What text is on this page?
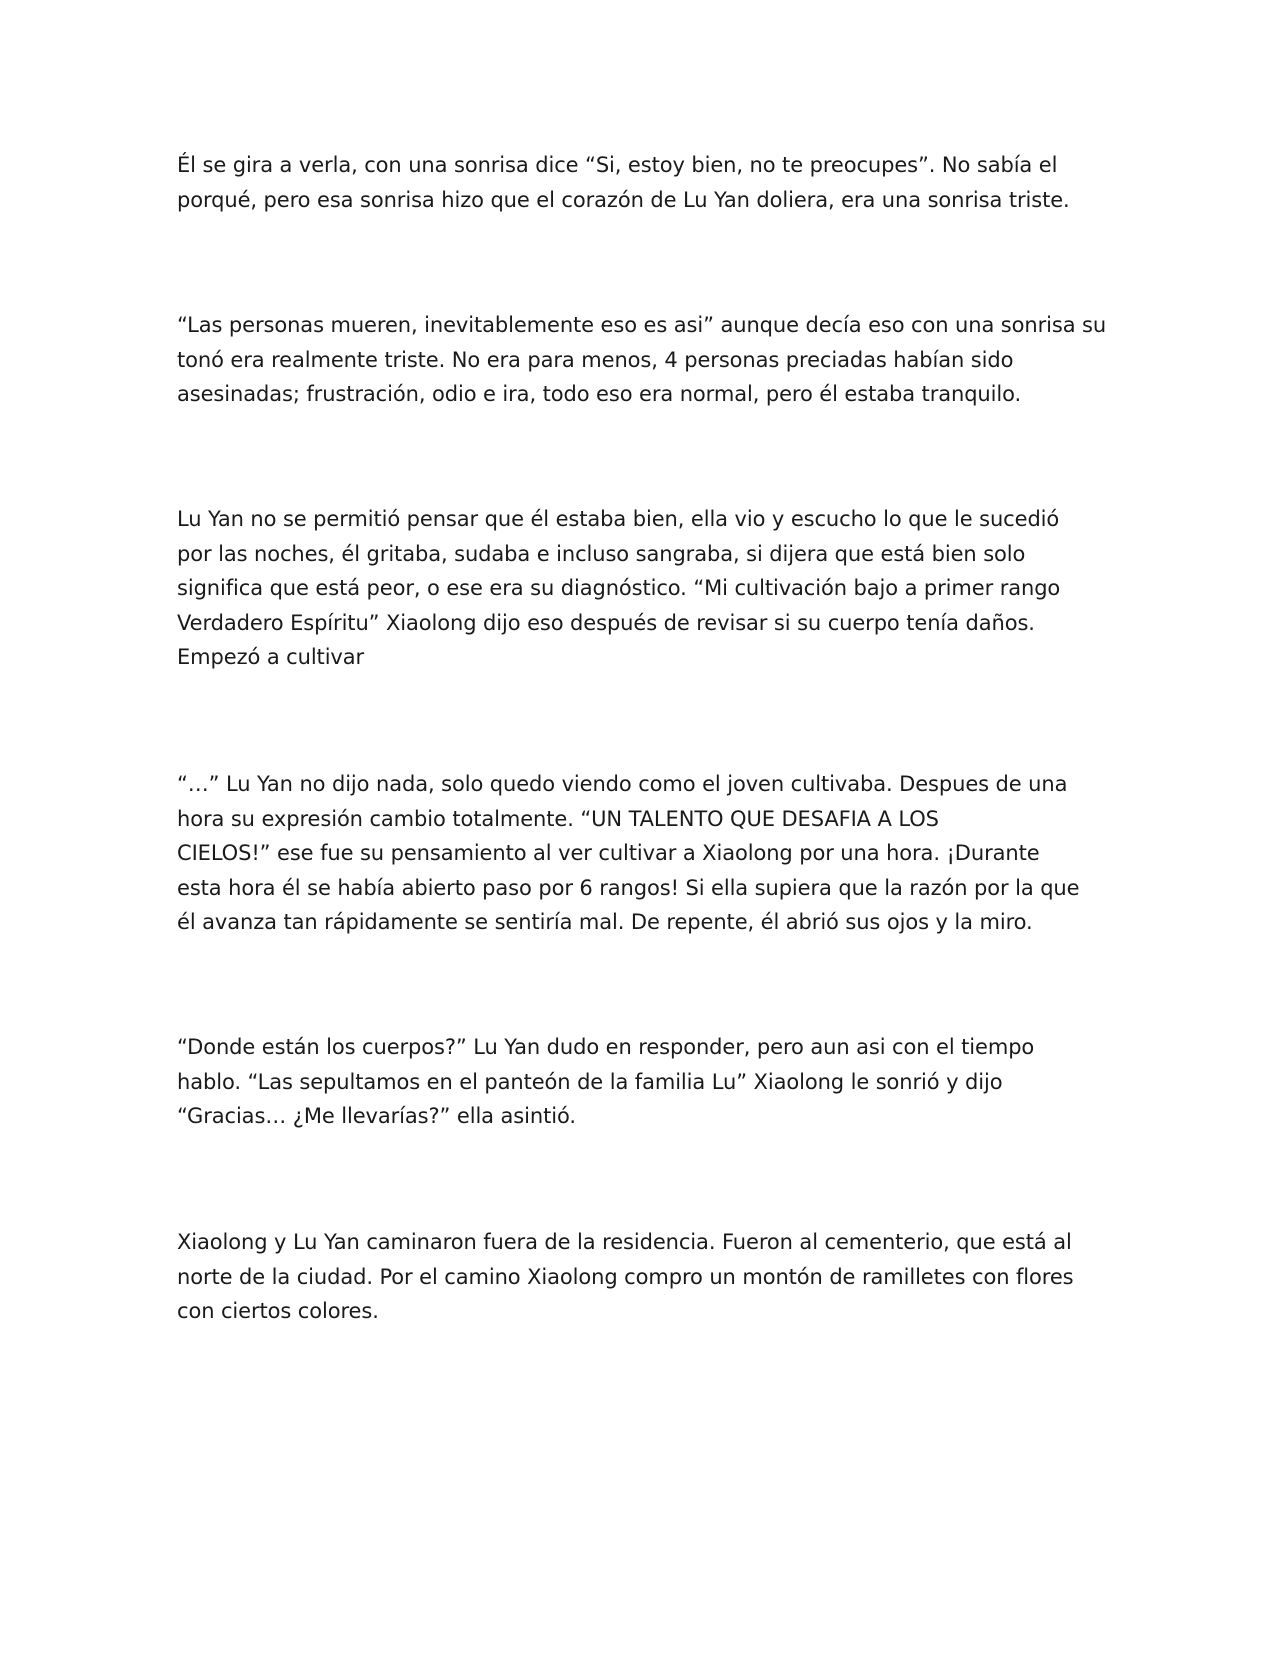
Él se gira a verla, con una sonrisa dice “Si, estoy bien, no te preocupes”. No sabía el
porqué, pero esa sonrisa hizo que el corazón de Lu Yan doliera, era una sonrisa triste.

“Las personas mueren, inevitablemente eso es asi” aunque decía eso con una sonrisa su
tonó era realmente triste. No era para menos, 4 personas preciadas habían sido
asesinadas; frustración, odio e ira, todo eso era normal, pero él estaba tranquilo.

Lu Yan no se permitió pensar que él estaba bien, ella vio y escucho lo que le sucedió
por las noches, él gritaba, sudaba e incluso sangraba, si dijera que está bien solo
significa que está peor, o ese era su diagnóstico. “Mi cultivación bajo a primer rango
Verdadero Espíritu” Xiaolong dijo eso después de revisar si su cuerpo tenía daños.
Empezó a cultivar

“…” Lu Yan no dijo nada, solo quedo viendo como el joven cultivaba. Despues de una
hora su expresión cambio totalmente. “UN TALENTO QUE DESAFIA A LOS
CIELOS!” ese fue su pensamiento al ver cultivar a Xiaolong por una hora. ¡Durante
esta hora él se había abierto paso por 6 rangos! Si ella supiera que la razón por la que
él avanza tan rápidamente se sentiría mal. De repente, él abrió sus ojos y la miro.

“Donde están los cuerpos?” Lu Yan dudo en responder, pero aun asi con el tiempo
hablo. “Las sepultamos en el panteón de la familia Lu” Xiaolong le sonrió y dijo
“Gracias… ¿Me llevarías?” ella asintió.

Xiaolong y Lu Yan caminaron fuera de la residencia. Fueron al cementerio, que está al
norte de la ciudad. Por el camino Xiaolong compro un montón de ramilletes con flores
con ciertos colores.
